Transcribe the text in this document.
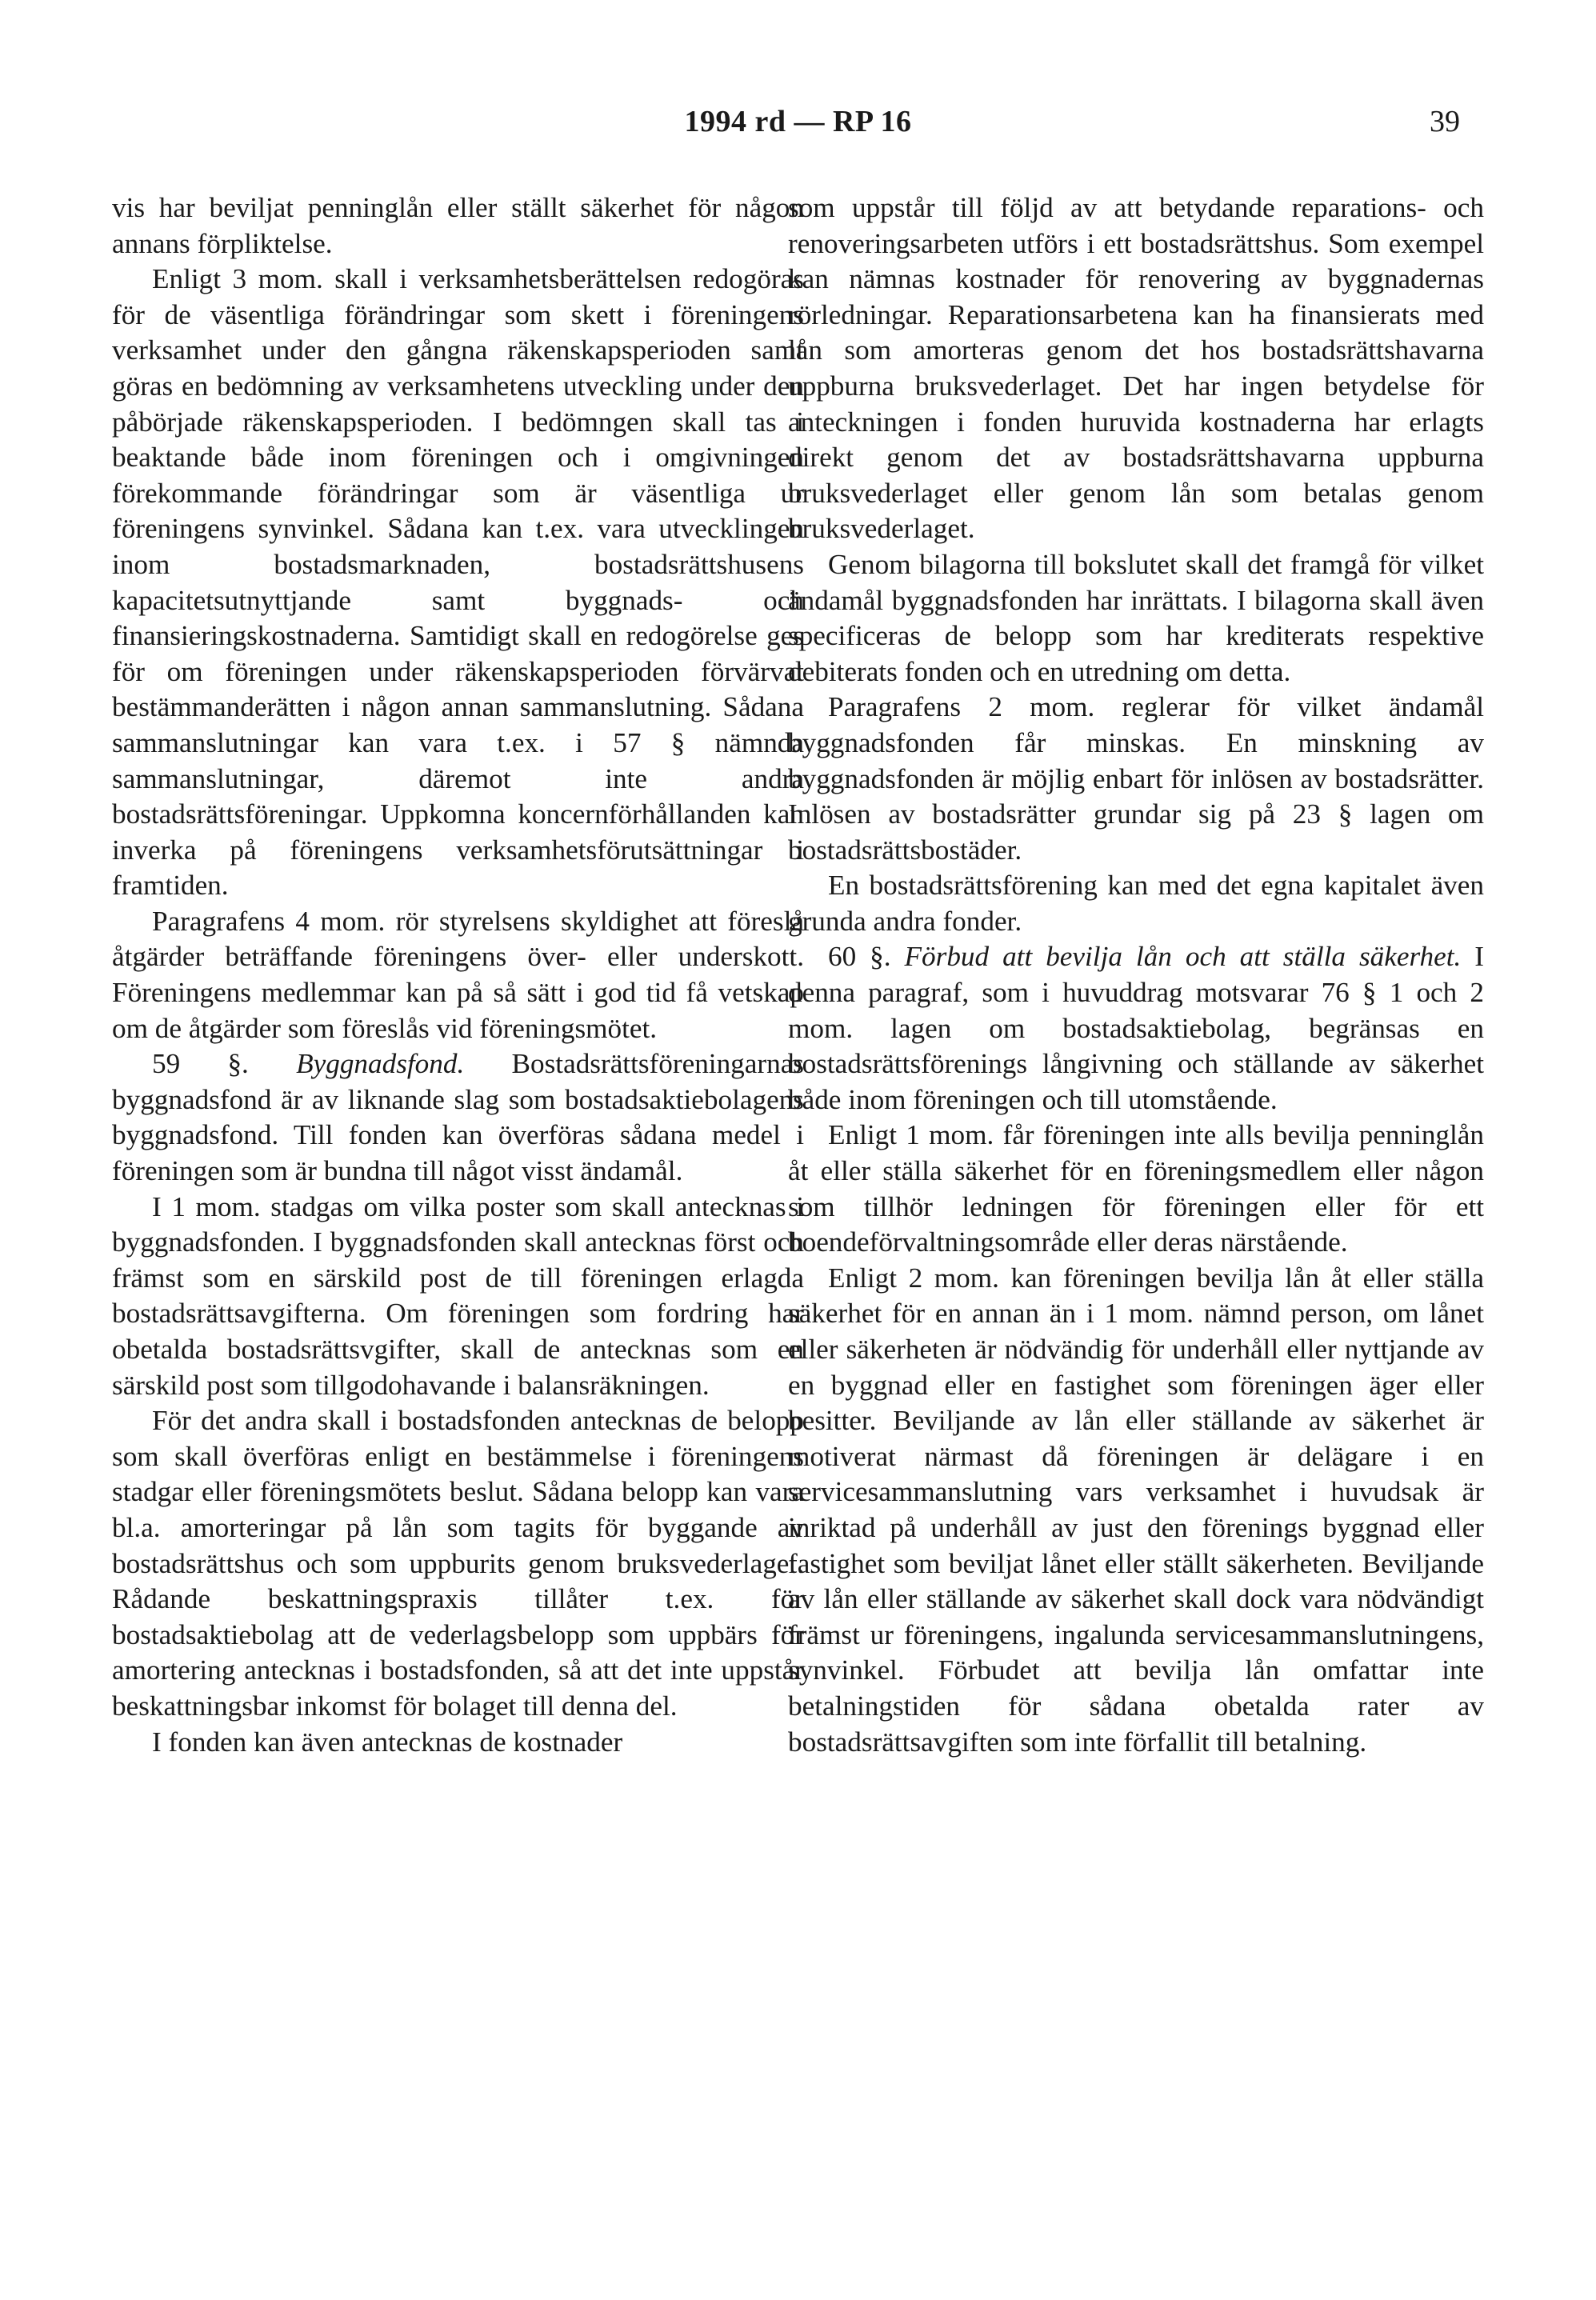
1994 rd — RP 16	39

vis har beviljat penninglån eller ställt säkerhet för någon annans förpliktelse.

Enligt 3 mom. skall i verksamhetsberättelsen redogöras för de väsentliga förändringar som skett i föreningens verksamhet under den gångna räkenskapsperioden samt göras en bedömning av verksamhetens utveckling under den påbörjade räkenskapsperioden. I bedömngen skall tas i beaktande både inom föreningen och i omgivningen förekommande förändringar som är väsentliga ur föreningens synvinkel. Sådana kan t.ex. vara utvecklingen inom bostadsmarknaden, bostadsrättshusens kapacitetsutnyttjande samt byggnads- och finansieringskostnaderna. Samtidigt skall en redogörelse ges för om föreningen under räkenskapsperioden förvärvat bestämmanderätten i någon annan sammanslutning. Sådana sammanslutningar kan vara t.ex. i 57 § nämnda sammanslutningar, däremot inte andra bostadsrättsföreningar. Uppkomna koncernförhållanden kan inverka på föreningens verksamhetsförutsättningar i framtiden.

Paragrafens 4 mom. rör styrelsens skyldighet att föreslå åtgärder beträffande föreningens över- eller underskott. Föreningens medlemmar kan på så sätt i god tid få vetskap om de åtgärder som föreslås vid föreningsmötet.

59 §. Byggnadsfond. Bostadsrättsföreningarnas byggnadsfond är av liknande slag som bostadsaktiebolagens byggnadsfond. Till fonden kan överföras sådana medel i föreningen som är bundna till något visst ändamål.

I 1 mom. stadgas om vilka poster som skall antecknas i byggnadsfonden. I byggnadsfonden skall antecknas först och främst som en särskild post de till föreningen erlagda bostadsrättsavgifterna. Om föreningen som fordring har obetalda bostadsrättsvgifter, skall de antecknas som en särskild post som tillgodohavande i balansräkningen.

För det andra skall i bostadsfonden antecknas de belopp som skall överföras enligt en bestämmelse i föreningens stadgar eller föreningsmötets beslut. Sådana belopp kan vara bl.a. amorteringar på lån som tagits för byggande av bostadsrättshus och som uppburits genom bruksvederlaget. Rådande beskattningspraxis tillåter t.ex. för bostadsaktiebolag att de vederlagsbelopp som uppbärs för amortering antecknas i bostadsfonden, så att det inte uppstår beskattningsbar inkomst för bolaget till denna del.

I fonden kan även antecknas de kostnader

som uppstår till följd av att betydande reparations- och renoveringsarbeten utförs i ett bostadsrättshus. Som exempel kan nämnas kostnader för renovering av byggnadernas rörledningar. Reparationsarbetena kan ha finansierats med lån som amorteras genom det hos bostadsrättshavarna uppburna bruksvederlaget. Det har ingen betydelse för anteckningen i fonden huruvida kostnaderna har erlagts direkt genom det av bostadsrättshavarna uppburna bruksvederlaget eller genom lån som betalas genom bruksvederlaget.

Genom bilagorna till bokslutet skall det framgå för vilket ändamål byggnadsfonden har inrättats. I bilagorna skall även specificeras de belopp som har krediterats respektive debiterats fonden och en utredning om detta.

Paragrafens 2 mom. reglerar för vilket ändamål byggnadsfonden får minskas. En minskning av byggnadsfonden är möjlig enbart för inlösen av bostadsrätter. Inlösen av bostadsrätter grundar sig på 23 § lagen om bostadsrättsbostäder.

En bostadsrättsförening kan med det egna kapitalet även grunda andra fonder.

60 §. Förbud att bevilja lån och att ställa säkerhet. I denna paragraf, som i huvuddrag motsvarar 76 § 1 och 2 mom. lagen om bostadsaktiebolag, begränsas en bostadsrättsförenings långivning och ställande av säkerhet både inom föreningen och till utomstående.

Enligt 1 mom. får föreningen inte alls bevilja penninglån åt eller ställa säkerhet för en föreningsmedlem eller någon som tillhör ledningen för föreningen eller för ett boendeförvaltningsområde eller deras närstående.

Enligt 2 mom. kan föreningen bevilja lån åt eller ställa säkerhet för en annan än i 1 mom. nämnd person, om lånet eller säkerheten är nödvändig för underhåll eller nyttjande av en byggnad eller en fastighet som föreningen äger eller besitter. Beviljande av lån eller ställande av säkerhet är motiverat närmast då föreningen är delägare i en servicesammanslutning vars verksamhet i huvudsak är inriktad på underhåll av just den förenings byggnad eller fastighet som beviljat lånet eller ställt säkerheten. Beviljande av lån eller ställande av säkerhet skall dock vara nödvändigt främst ur föreningens, ingalunda servicesammanslutningens, synvinkel. Förbudet att bevilja lån omfattar inte betalningstiden för sådana obetalda rater av bostadsrättsavgiften som inte förfallit till betalning.
